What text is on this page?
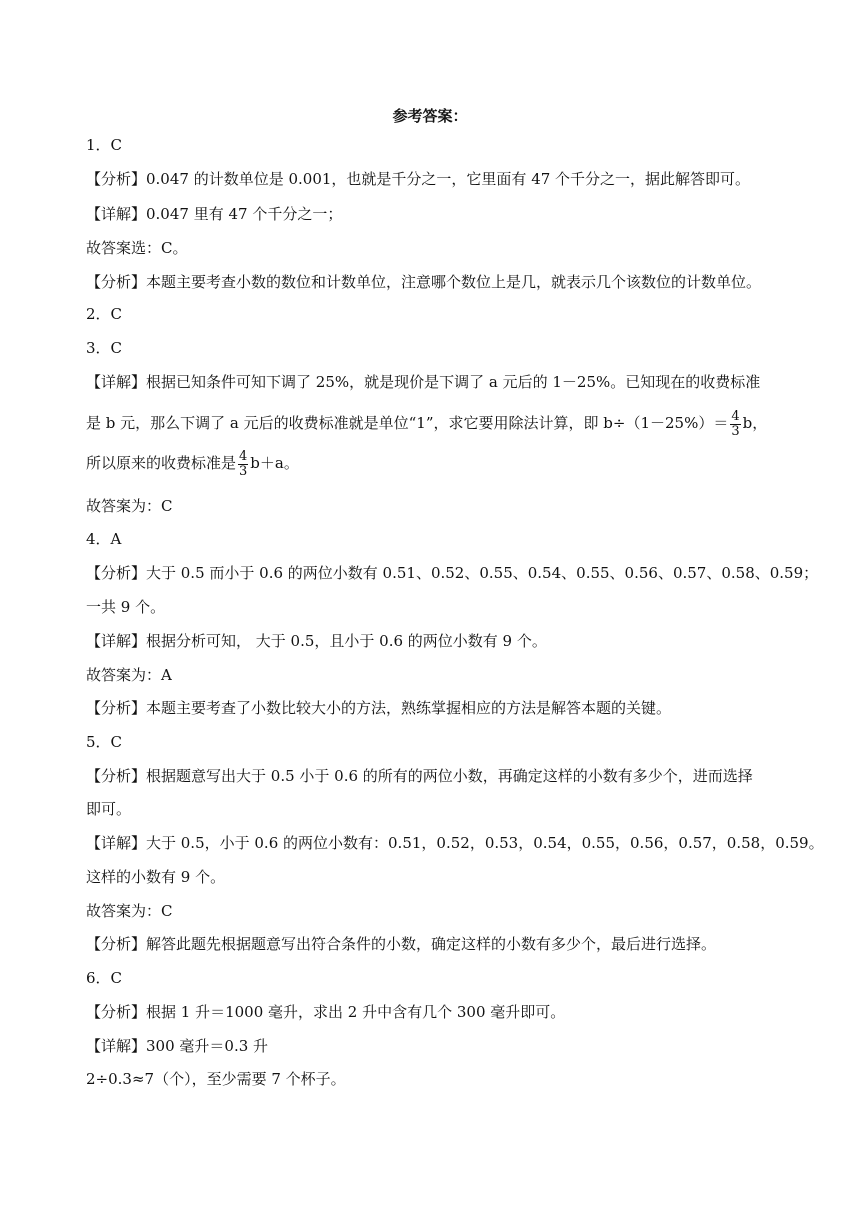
参考答案：
1．C
【分析】0.047 的计数单位是 0.001，也就是千分之一，它里面有 47 个千分之一，据此解答即可。
【详解】0.047 里有 47 个千分之一；
故答案选：C。
【分析】本题主要考查小数的数位和计数单位，注意哪个数位上是几，就表示几个该数位的计数单位。
2．C
3．C
【详解】根据已知条件可知下调了 25%，就是现价是下调了 a 元后的 1－25%。已知现在的收费标准
是 b 元，那么下调了 a 元后的收费标准就是单位“1”，求它要用除法计算，即 $b\div(1-25\%)= \frac{4}{3}$ b，
所以原来的收费标准是 $\frac{4}{3} b+a$。
故答案为：C
4．A
【分析】大于 0.5 而小于 0.6 的两位小数有 0.51、0.52、0.55、0.54、0.55、0.56、0.57、0.58、0.59；
一共 9 个。
【详解】根据分析可知， 大于 0.5，且小于 0.6 的两位小数有 9 个。
故答案为：A
【分析】本题主要考查了小数比较大小的方法，熟练掌握相应的方法是解答本题的关键。
5．C
【分析】根据题意写出大于 0.5 小于 0.6 的所有的两位小数，再确定这样的小数有多少个，进而选择
即可。
【详解】大于 0.5，小于 0.6 的两位小数有：0.51，0.52，0.53，0.54，0.55，0.56，0.57，0.58，0.59。
这样的小数有 9 个。
故答案为：C
【分析】解答此题先根据题意写出符合条件的小数，确定这样的小数有多少个，最后进行选择。
6．C
【分析】根据 1 升＝1000 毫升，求出 2 升中含有几个 300 毫升即可。
【详解】300 毫升＝0.3 升
2÷0.3≈7（个），至少需要 7 个杯子。
